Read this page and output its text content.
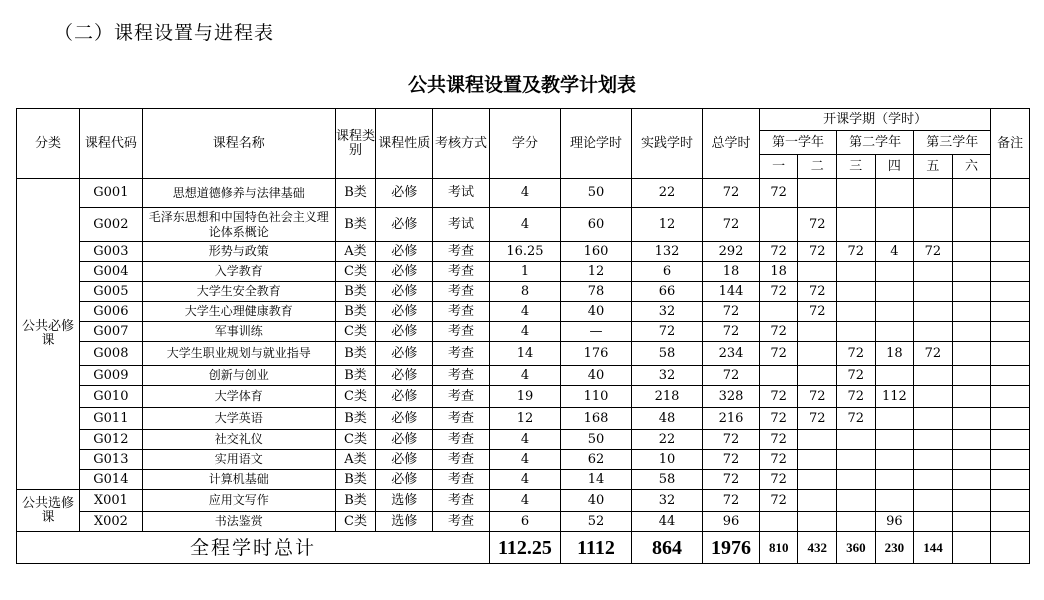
（二）课程设置与进程表
公共课程设置及教学计划表
分类	课程代码	课程名称	课程类别	课程性质	考核方式	学分	理论学时	实践学时	总学时	开课学期（学时）						备注
										第一学年		第二学年		第三学年		
										一	二	三	四	五	六	
公共必修课	G001	思想道德修养与法律基础	B类	必修	考试	4	50	22	72	72						
	G002	毛泽东思想和中国特色社会主义理论体系概论	B类	必修	考试	4	60	12	72		72					
	G003	形势与政策	A类	必修	考查	16.25	160	132	292	72	72	72	4	72		
	G004	入学教育	C类	必修	考查	1	12	6	18	18						
	G005	大学生安全教育	B类	必修	考查	8	78	66	144	72	72					
	G006	大学生心理健康教育	B类	必修	考查	4	40	32	72		72					
	G007	军事训练	C类	必修	考查	4	—	72	72	72						
	G008	大学生职业规划与就业指导	B类	必修	考查	14	176	58	234	72		72	18	72		
	G009	创新与创业	B类	必修	考查	4	40	32	72			72				
	G010	大学体育	C类	必修	考查	19	110	218	328	72	72	72	112			
	G011	大学英语	B类	必修	考查	12	168	48	216	72	72	72				
	G012	社交礼仪	C类	必修	考查	4	50	22	72	72						
	G013	实用语文	A类	必修	考查	4	62	10	72	72						
	G014	计算机基础	B类	必修	考查	4	14	58	72	72						
公共选修课	X001	应用文写作	B类	选修	考查	4	40	32	72	72						
	X002	书法鉴赏	C类	选修	考查	6	52	44	96				96			
全程学时总计						112.25	1112	864	1976	810	432	360	230	144		
